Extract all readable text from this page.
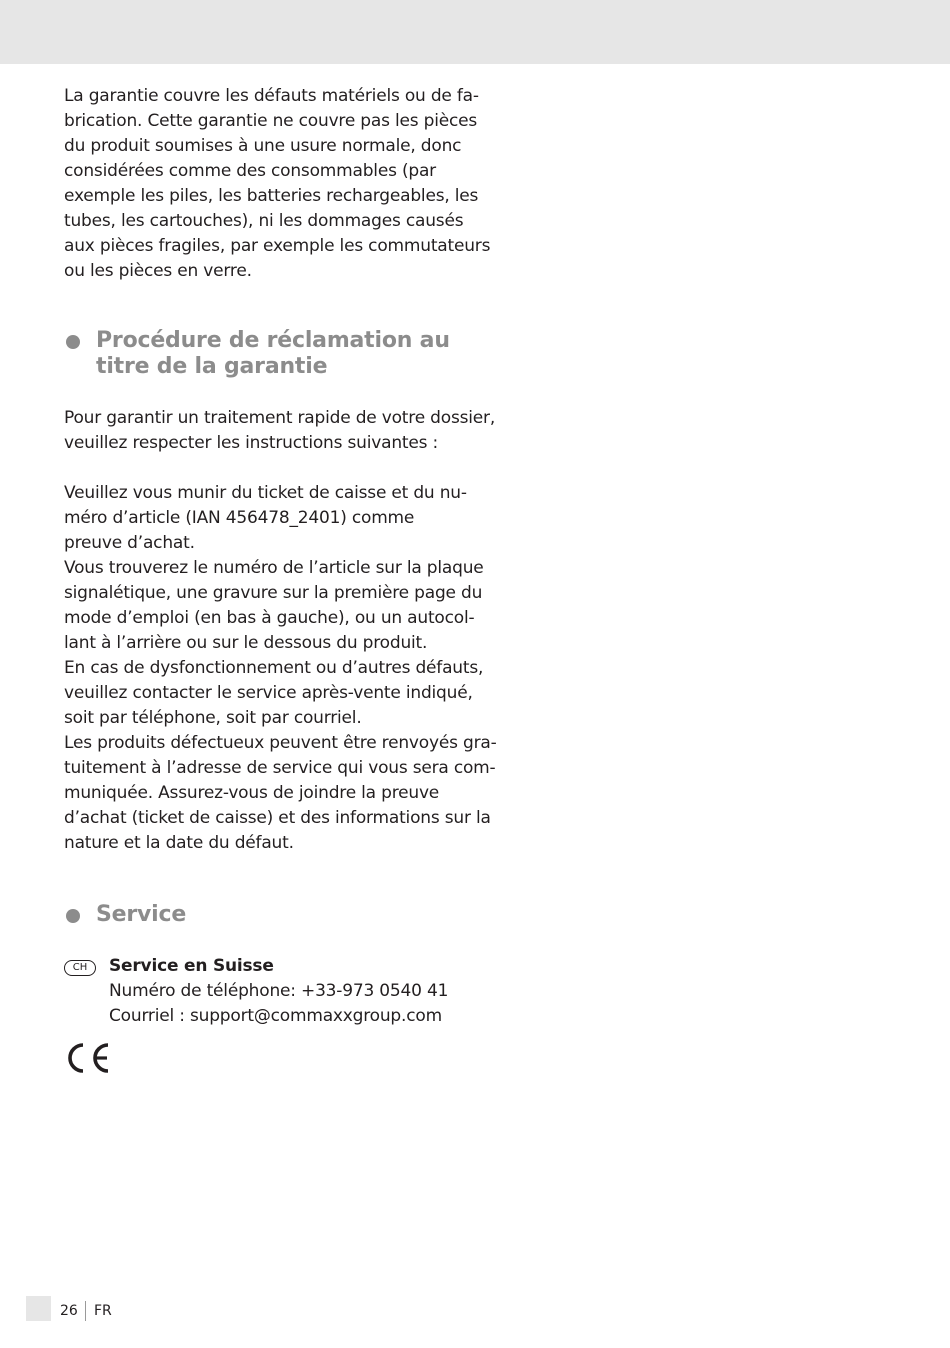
La garantie couvre les défauts matériels ou de fa-
brication. Cette garantie ne couvre pas les pièces
du produit soumises à une usure normale, donc
considérées comme des consommables (par
exemple les piles, les batteries rechargeables, les
tubes, les cartouches), ni les dommages causés
aux pièces fragiles, par exemple les commutateurs
ou les pièces en verre.

Procédure de réclamation au
titre de la garantie

Pour garantir un traitement rapide de votre dossier,
veuillez respecter les instructions suivantes :

Veuillez vous munir du ticket de caisse et du nu-
méro d’article (IAN 456478_2401) comme
preuve d’achat.
Vous trouverez le numéro de l’article sur la plaque
signalétique, une gravure sur la première page du
mode d’emploi (en bas à gauche), ou un autocol-
lant à l’arrière ou sur le dessous du produit.
En cas de dysfonctionnement ou d’autres défauts,
veuillez contacter le service après-vente indiqué,
soit par téléphone, soit par courriel.
Les produits défectueux peuvent être renvoyés gra-
tuitement à l’adresse de service qui vous sera com-
muniquée. Assurez-vous de joindre la preuve
d’achat (ticket de caisse) et des informations sur la
nature et la date du défaut.

Service
CH	Service en Suisse
Numéro de téléphone: +33-973 0540 41
Courriel : support@commaxxgroup.com
26 FR
